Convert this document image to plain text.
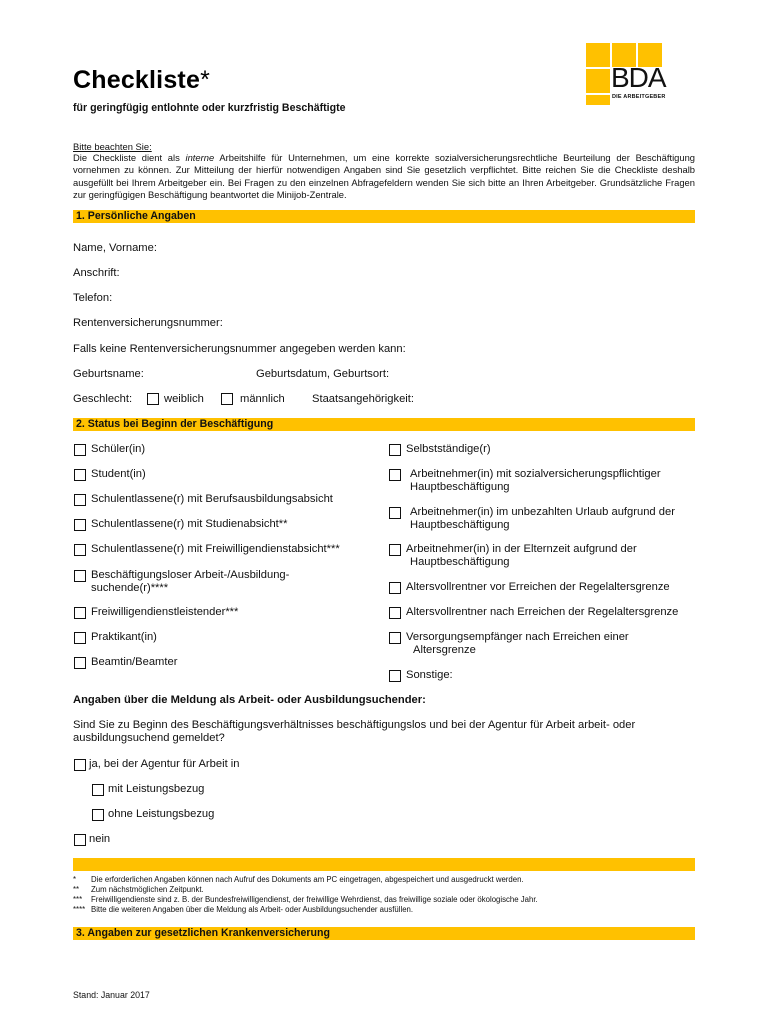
BDA
DIE ARBEITGEBER
Checkliste*
für geringfügig entlohnte oder kurzfristig Beschäftigte
Bitte beachten Sie:
Die Checkliste dient als interne Arbeitshilfe für Unternehmen, um eine korrekte sozialversicherungsrechtliche Beurteilung der Beschäftigung vornehmen zu können. Zur Mitteilung der hierfür notwendigen Angaben sind Sie gesetzlich verpflichtet. Bitte reichen Sie die Checkliste deshalb ausgefüllt bei Ihrem Arbeitgeber ein. Bei Fragen zu den einzelnen Abfragefeldern wenden Sie sich bitte an Ihren Arbeitgeber. Grundsätzliche Fragen zur geringfügigen Beschäftigung beantwortet die Minijob-Zentrale.
1. Persönliche Angaben
Name, Vorname:
Anschrift:
Telefon:
Rentenversicherungsnummer:
Falls keine Rentenversicherungsnummer angegeben werden kann:
Geburtsname:	Geburtsdatum, Geburtsort:
Geschlecht:	weiblich	männlich Staatsangehörigkeit:
2. Status bei Beginn der Beschäftigung
Schüler(in)
Student(in)
Schulentlassene(r) mit Berufsausbildungsabsicht
Schulentlassene(r) mit Studienabsicht**
Schulentlassene(r) mit Freiwilligendienstabsicht***
Beschäftigungsloser Arbeit-/Ausbildung-
suchende(r)****
Freiwilligendienstleistender***
Praktikant(in)
Beamtin/Beamter
Selbstständige(r)
Arbeitnehmer(in) mit sozialversicherungspflichtiger
Hauptbeschäftigung
Arbeitnehmer(in) im unbezahlten Urlaub aufgrund der
Hauptbeschäftigung
Arbeitnehmer(in) in der Elternzeit aufgrund der
Hauptbeschäftigung
Altersvollrentner vor Erreichen der Regelaltersgrenze
Altersvollrentner nach Erreichen der Regelaltersgrenze
Versorgungsempfänger nach Erreichen einer
Altersgrenze
Sonstige:
Angaben über die Meldung als Arbeit- oder Ausbildungsuchender:
Sind Sie zu Beginn des Beschäftigungsverhältnisses beschäftigungslos und bei der Agentur für Arbeit arbeit- oder
ausbildungsuchend gemeldet?
ja, bei der Agentur für Arbeit in
mit Leistungsbezug
ohne Leistungsbezug
nein
*	Die erforderlichen Angaben können nach Aufruf des Dokuments am PC eingetragen, abgespeichert und ausgedruckt werden.
**	Zum nächstmöglichen Zeitpunkt.
***	Freiwilligendienste sind z. B. der Bundesfreiwilligendienst, der freiwillige Wehrdienst, das freiwillige soziale oder ökologische Jahr.
**** Bitte die weiteren Angaben über die Meldung als Arbeit- oder Ausbildungsuchender ausfüllen.
3. Angaben zur gesetzlichen Krankenversicherung
Stand: Januar 2017
